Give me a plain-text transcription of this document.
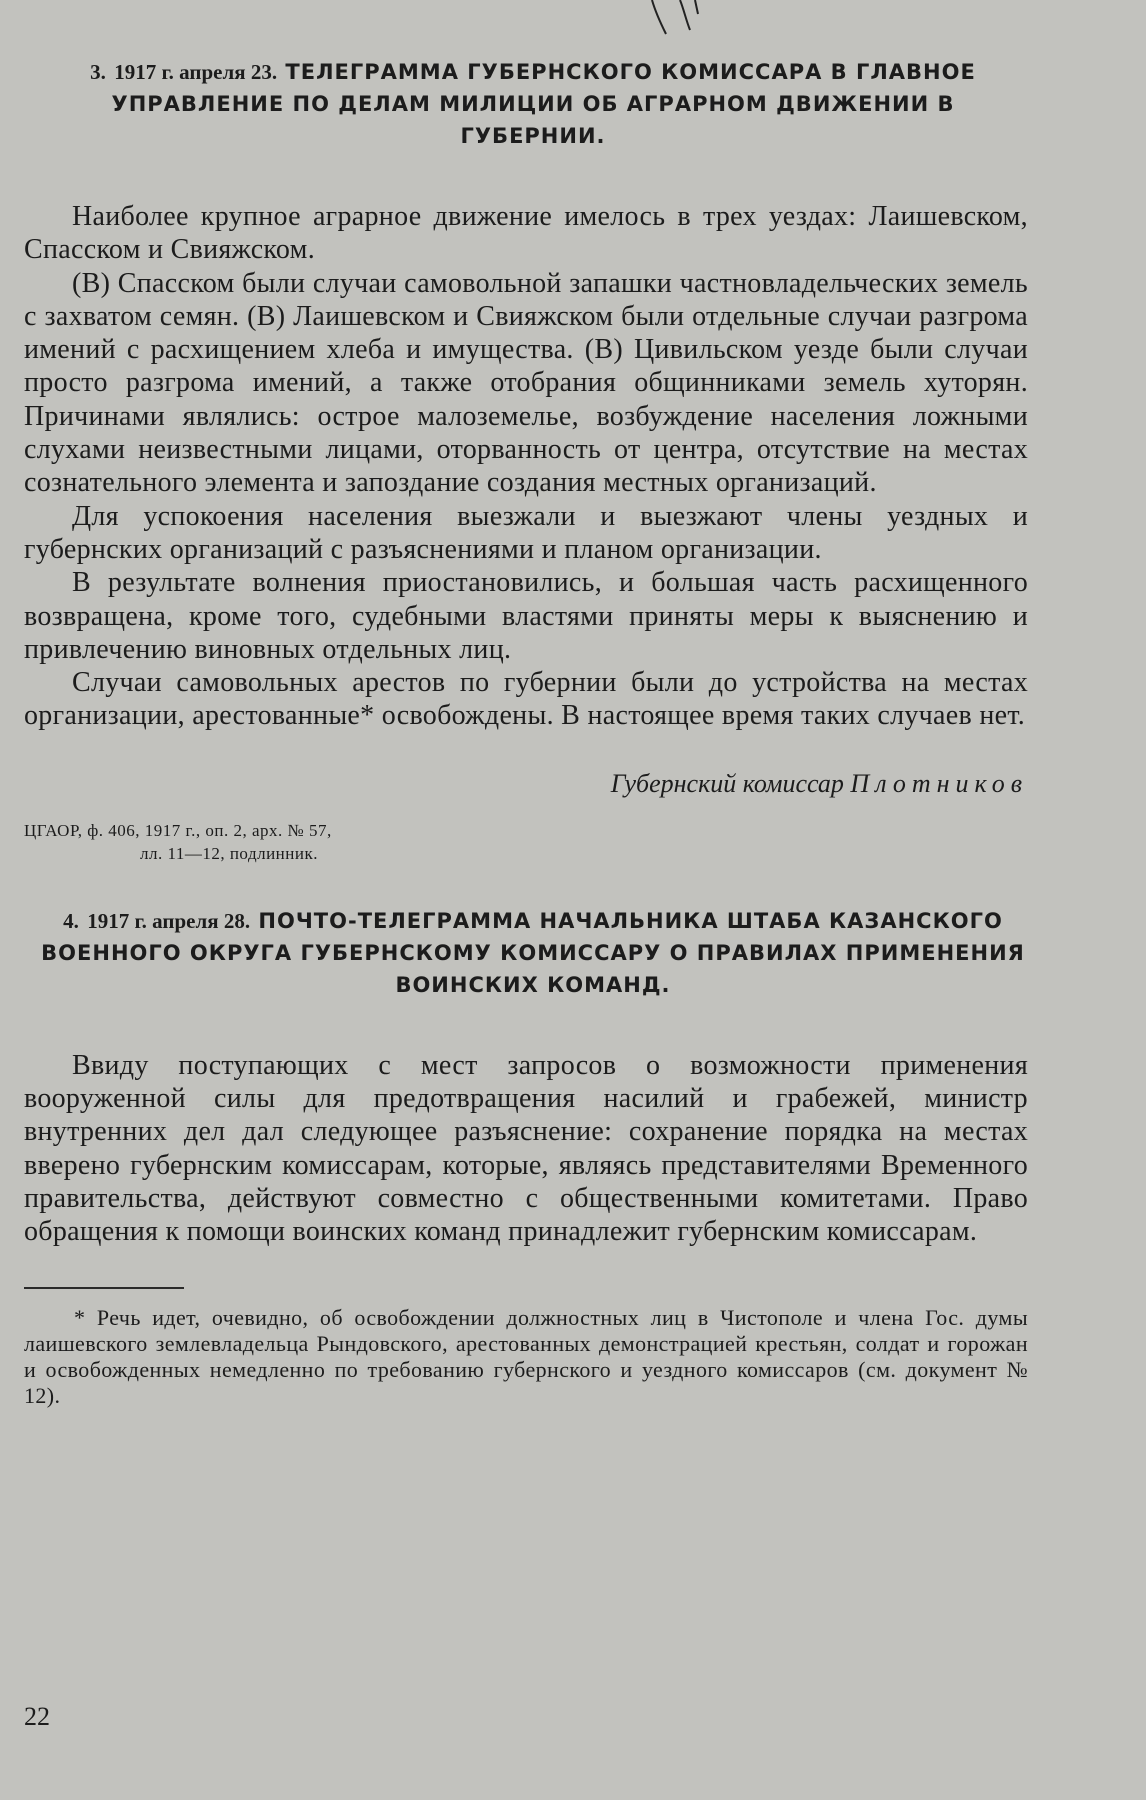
3. 1917 г. апреля 23. ТЕЛЕГРАММА ГУБЕРНСКОГО КОМИССАРА В ГЛАВНОЕ УПРАВЛЕНИЕ ПО ДЕЛАМ МИЛИЦИИ ОБ АГРАРНОМ ДВИЖЕНИИ В ГУБЕРНИИ.

Наиболее крупное аграрное движение имелось в трех уездах: Лаишевском, Спасском и Свияжском.

(В) Спасском были случаи самовольной запашки частновладельческих земель с захватом семян. (В) Лаишевском и Свияжском были отдельные случаи разгрома имений с расхищением хлеба и имущества. (В) Цивильском уезде были случаи просто разгрома имений, а также отобрания общинниками земель хуторян. Причинами являлись: острое малоземелье, возбуждение населения ложными слухами неизвестными лицами, оторванность от центра, отсутствие на местах сознательного элемента и запоздание создания местных организаций.

Для успокоения населения выезжали и выезжают члены уездных и губернских организаций с разъяснениями и планом организации.

В результате волнения приостановились, и большая часть расхищенного возвращена, кроме того, судебными властями приняты меры к выяснению и привлечению виновных отдельных лиц.

Случаи самовольных арестов по губернии были до устройства на местах организации, арестованные* освобождены. В настоящее время таких случаев нет.

Губернский комиссар Плотников

ЦГАОР, ф. 406, 1917 г., оп. 2, арх. № 57,
лл. 11—12, подлинник.

4. 1917 г. апреля 28. ПОЧТО-ТЕЛЕГРАММА НАЧАЛЬНИКА ШТАБА КАЗАНСКОГО ВОЕННОГО ОКРУГА ГУБЕРНСКОМУ КОМИССАРУ О ПРАВИЛАХ ПРИМЕНЕНИЯ ВОИНСКИХ КОМАНД.

Ввиду поступающих с мест запросов о возможности применения вооруженной силы для предотвращения насилий и грабежей, министр внутренних дел дал следующее разъяснение: сохранение порядка на местах вверено губернским комиссарам, которые, являясь представителями Временного правительства, действуют совместно с общественными комитетами. Право обращения к помощи воинских команд принадлежит губернским комиссарам.

* Речь идет, очевидно, об освобождении должностных лиц в Чистополе и члена Гос. думы лаишевского землевладельца Рындовского, арестованных демонстрацией крестьян, солдат и горожан и освобожденных немедленно по требованию губернского и уездного комиссаров (см. документ № 12).

22
